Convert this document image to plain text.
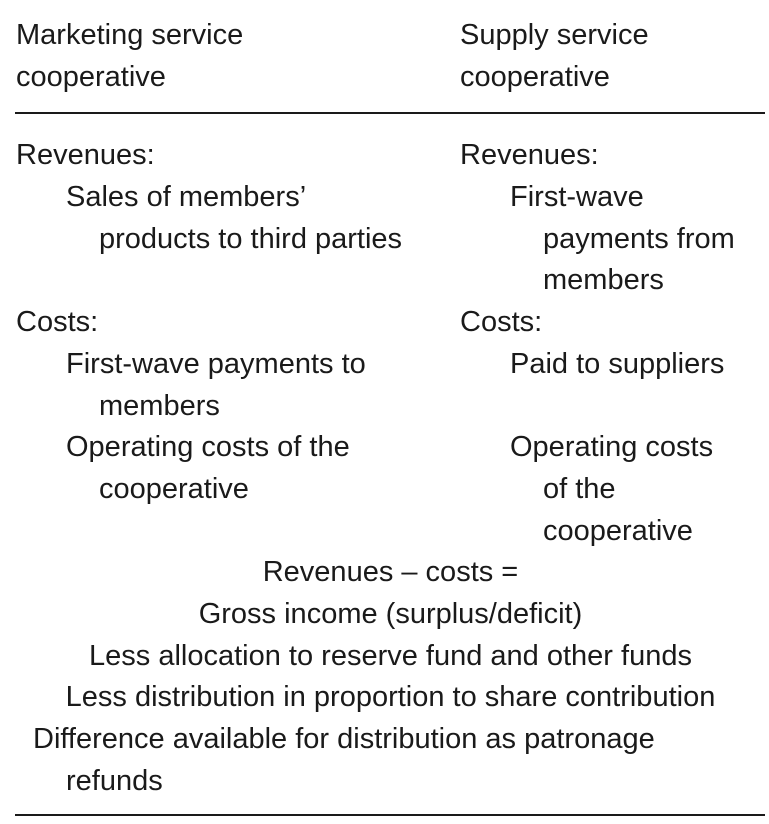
Marketing service
cooperative
Supply service
cooperative
Revenues:
Sales of members’
products to third parties
Costs:
First-wave payments to
members
Operating costs of the
cooperative
Revenues:
First-wave
payments from
members
Costs:
Paid to suppliers
Operating costs
of the
cooperative
Revenues – costs =
Gross income (surplus/deficit)
Less allocation to reserve fund and other funds
Less distribution in proportion to share contribution
Difference available for distribution as patronage
refunds
